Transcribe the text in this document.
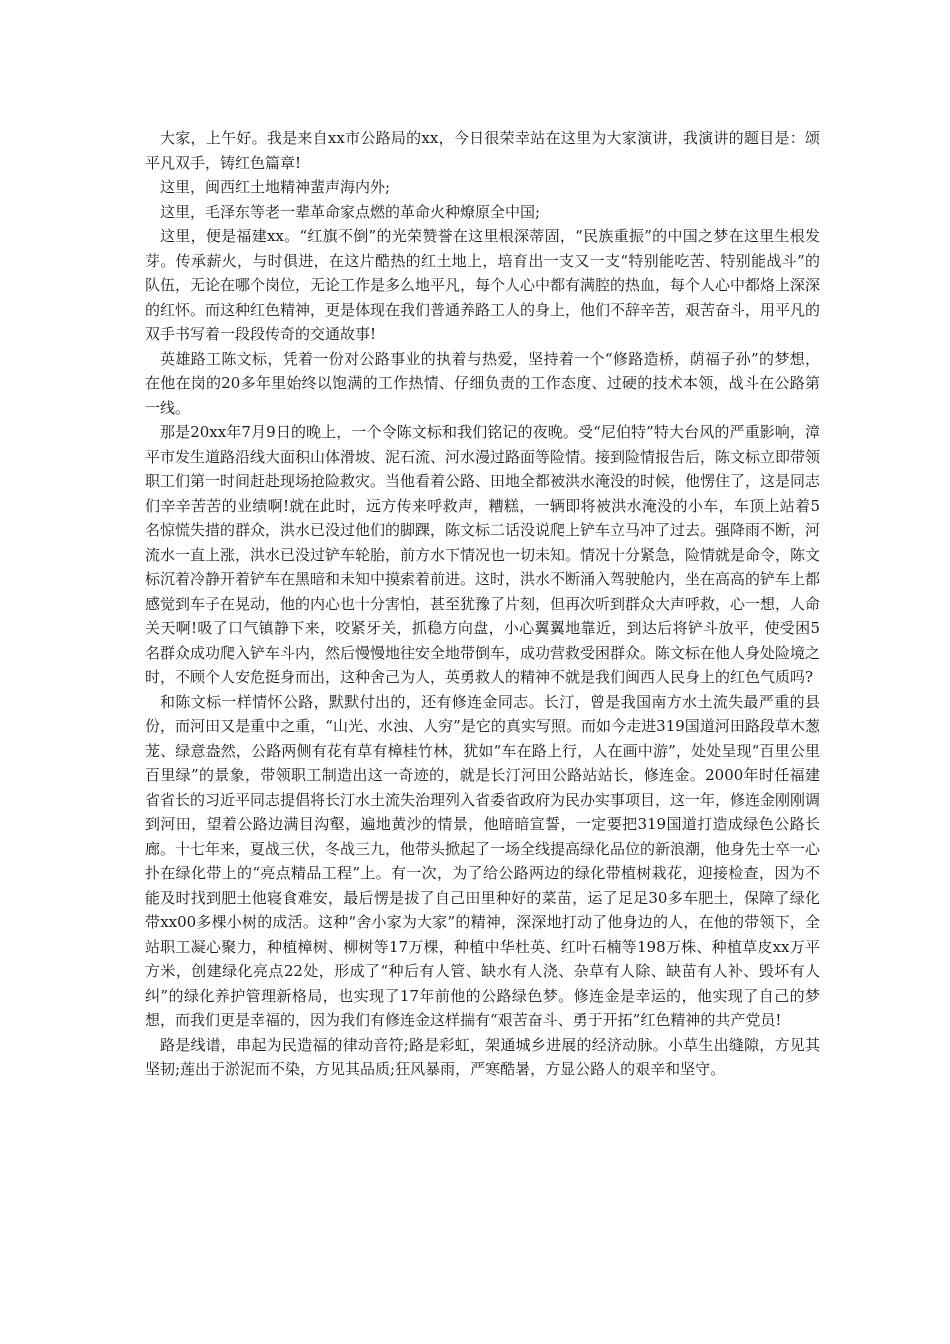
大家，上午好。我是来自xx市公路局的xx，今日很荣幸站在这里为大家演讲，我演讲的题目是：颂平凡双手，铸红色篇章!

这里，闽西红土地精神蜚声海内外;

这里，毛泽东等老一辈革命家点燃的革命火种燎原全中国;

这里，便是福建xx。“红旗不倒”的光荣赞誉在这里根深蒂固，“民族重振”的中国之梦在这里生根发芽。传承薪火，与时俱进，在这片酷热的红土地上，培育出一支又一支“特别能吃苦、特别能战斗”的队伍，无论在哪个岗位，无论工作是多么地平凡，每个人心中都有满腔的热血，每个人心中都烙上深深的红怀。而这种红色精神，更是体现在我们普通养路工人的身上，他们不辞辛苦，艰苦奋斗，用平凡的双手书写着一段段传奇的交通故事!

英雄路工陈文标，凭着一份对公路事业的执着与热爱，坚持着一个“修路造桥，荫福子孙”的梦想，在他在岗的20多年里始终以饱满的工作热情、仔细负责的工作态度、过硬的技术本领，战斗在公路第一线。

那是20xx年7月9日的晚上，一个令陈文标和我们铭记的夜晚。受“尼伯特”特大台风的严重影响，漳平市发生道路沿线大面积山体滑坡、泥石流、河水漫过路面等险情。接到险情报告后，陈文标立即带领职工们第一时间赶赴现场抢险救灾。当他看着公路、田地全都被洪水淹没的时候，他愣住了，这是同志们辛辛苦苦的业绩啊!就在此时，远方传来呼救声，糟糕，一辆即将被洪水淹没的小车，车顶上站着5名惊慌失措的群众，洪水已没过他们的脚踝，陈文标二话没说爬上铲车立马冲了过去。强降雨不断，河流水一直上涨，洪水已没过铲车轮胎，前方水下情况也一切未知。情况十分紧急，险情就是命令，陈文标沉着冷静开着铲车在黑暗和未知中摸索着前进。这时，洪水不断涌入驾驶舱内，坐在高高的铲车上都感觉到车子在晃动，他的内心也十分害怕，甚至犹豫了片刻，但再次听到群众大声呼救，心一想，人命关天啊!吸了口气镇静下来，咬紧牙关，抓稳方向盘，小心翼翼地靠近，到达后将铲斗放平，使受困5名群众成功爬入铲车斗内，然后慢慢地往安全地带倒车，成功营救受困群众。陈文标在他人身处险境之时，不顾个人安危挺身而出，这种舍己为人，英勇救人的精神不就是我们闽西人民身上的红色气质吗?

和陈文标一样情怀公路，默默付出的，还有修连金同志。长汀，曾是我国南方水土流失最严重的县份，而河田又是重中之重，“山光、水浊、人穷”是它的真实写照。而如今走进319国道河田路段草木葱茏、绿意盎然，公路两侧有花有草有樟桂竹林，犹如“车在路上行，人在画中游”，处处呈现“百里公里百里绿”的景象，带领职工制造出这一奇迹的，就是长汀河田公路站站长，修连金。2000年时任福建省省长的习近平同志提倡将长汀水土流失治理列入省委省政府为民办实事项目，这一年，修连金刚刚调到河田，望着公路边满目沟壑，遍地黄沙的情景，他暗暗宣誓，一定要把319国道打造成绿色公路长廊。十七年来，夏战三伏，冬战三九，他带头掀起了一场全线提高绿化品位的新浪潮，他身先士卒一心扑在绿化带上的“亮点精品工程”上。有一次，为了给公路两边的绿化带植树栽花，迎接检查，因为不能及时找到肥土他寝食难安，最后愣是拔了自己田里种好的菜苗，运了足足30多车肥土，保障了绿化带xx00多棵小树的成活。这种“舍小家为大家”的精神，深深地打动了他身边的人，在他的带领下，全站职工凝心聚力，种植樟树、柳树等17万棵，种植中华杜英、红叶石楠等198万株、种植草皮xx万平方米，创建绿化亮点22处，形成了“种后有人管、缺水有人浇、杂草有人除、缺苗有人补、毁坏有人纠”的绿化养护管理新格局，也实现了17年前他的公路绿色梦。修连金是幸运的，他实现了自己的梦想，而我们更是幸福的，因为我们有修连金这样揣有“艰苦奋斗、勇于开拓”红色精神的共产党员!

路是线谱，串起为民造福的律动音符;路是彩虹，架通城乡进展的经济动脉。小草生出缝隙，方见其坚韧;莲出于淤泥而不染，方见其品质;狂风暴雨，严寒酷暑，方显公路人的艰辛和坚守。
